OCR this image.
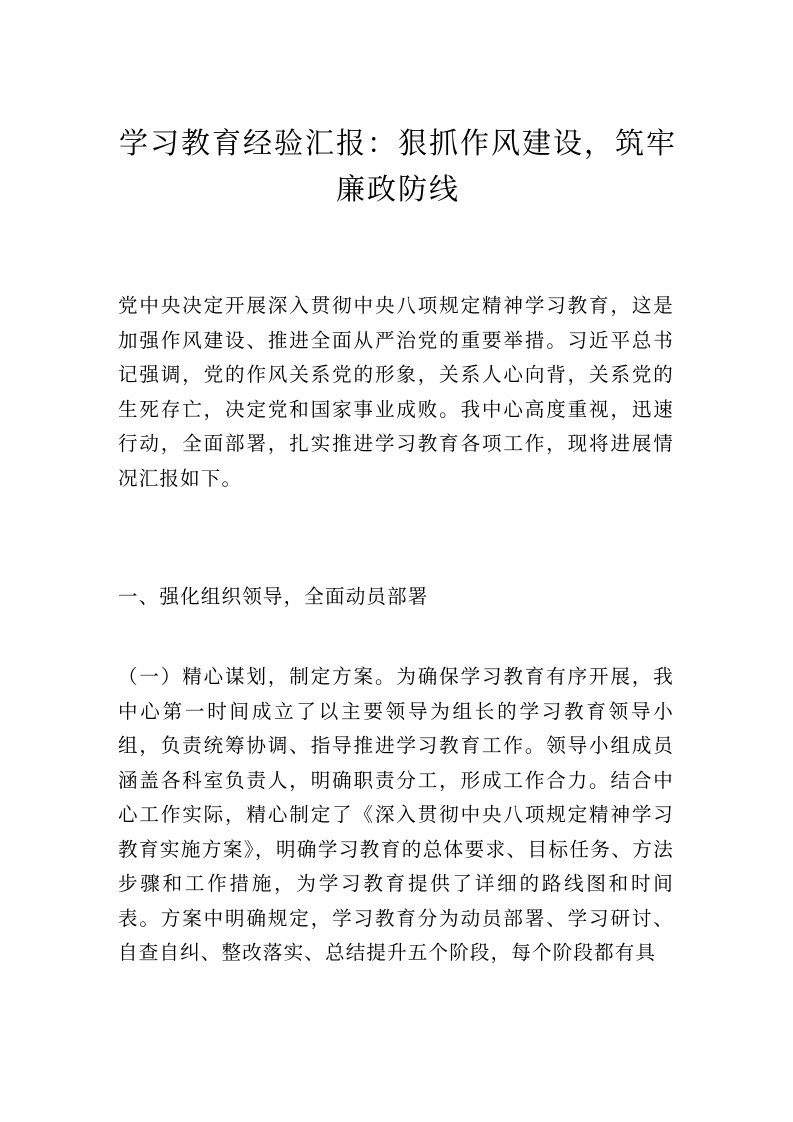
学习教育经验汇报：狠抓作风建设，筑牢廉政防线

党中央决定开展深入贯彻中央八项规定精神学习教育，这是加强作风建设、推进全面从严治党的重要举措。习近平总书记强调，党的作风关系党的形象，关系人心向背，关系党的生死存亡，决定党和国家事业成败。我中心高度重视，迅速行动，全面部署，扎实推进学习教育各项工作，现将进展情况汇报如下。

一、强化组织领导，全面动员部署

（一）精心谋划，制定方案。为确保学习教育有序开展，我中心第一时间成立了以主要领导为组长的学习教育领导小组，负责统筹协调、指导推进学习教育工作。领导小组成员涵盖各科室负责人，明确职责分工，形成工作合力。结合中心工作实际，精心制定了《深入贯彻中央八项规定精神学习教育实施方案》，明确学习教育的总体要求、目标任务、方法步骤和工作措施，为学习教育提供了详细的路线图和时间表。方案中明确规定，学习教育分为动员部署、学习研讨、自查自纠、整改落实、总结提升五个阶段，每个阶段都有具
